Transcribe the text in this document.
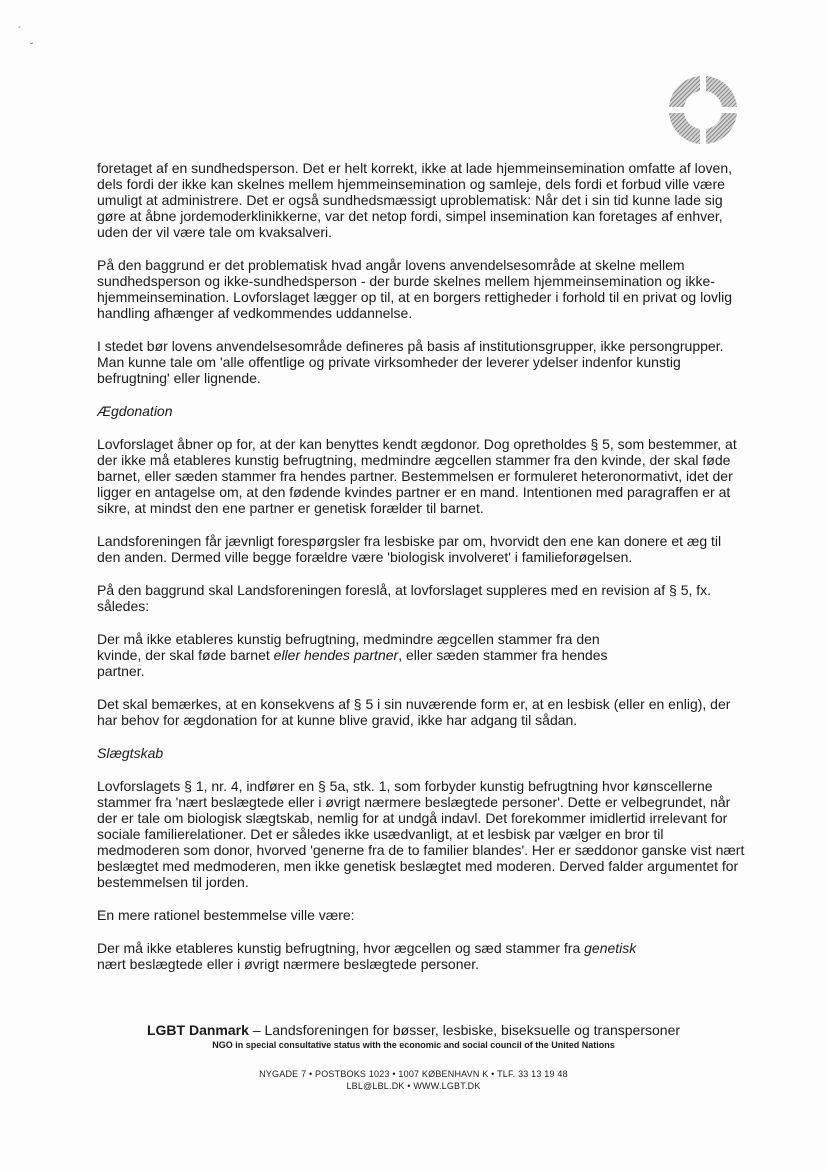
´
˘

foretaget af en sundhedsperson. Det er helt korrekt, ikke at lade hjemmeinsemination omfatte af loven, dels fordi der ikke kan skelnes mellem hjemmeinsemination og samleje, dels fordi et forbud ville være umuligt at administrere. Det er også sundhedsmæssigt uproblematisk: Når det i sin tid kunne lade sig gøre at åbne jordemoderklinikkerne, var det netop fordi, simpel insemination kan foretages af enhver, uden der vil være tale om kvaksalveri.

På den baggrund er det problematisk hvad angår lovens anvendelsesområde at skelne mellem sundhedsperson og ikke-sundhedsperson - der burde skelnes mellem hjemmeinsemination og ikke-hjemmeinsemination. Lovforslaget lægger op til, at en borgers rettigheder i forhold til en privat og lovlig handling afhænger af vedkommendes uddannelse.

I stedet bør lovens anvendelsesområde defineres på basis af institutionsgrupper, ikke persongrupper. Man kunne tale om 'alle offentlige og private virksomheder der leverer ydelser indenfor kunstig befrugtning' eller lignende.

Ægdonation

Lovforslaget åbner op for, at der kan benyttes kendt ægdonor. Dog opretholdes § 5, som bestemmer, at der ikke må etableres kunstig befrugtning, medmindre ægcellen stammer fra den kvinde, der skal føde barnet, eller sæden stammer fra hendes partner. Bestemmelsen er formuleret heteronormativt, idet der ligger en antagelse om, at den fødende kvindes partner er en mand. Intentionen med paragraffen er at sikre, at mindst den ene partner er genetisk forælder til barnet.

Landsforeningen får jævnligt forespørgsler fra lesbiske par om, hvorvidt den ene kan donere et æg til den anden. Dermed ville begge forældre være 'biologisk involveret' i familieforøgelsen.

På den baggrund skal Landsforeningen foreslå, at lovforslaget suppleres med en revision af § 5, fx. således:

Der må ikke etableres kunstig befrugtning, medmindre ægcellen stammer fra den kvinde, der skal føde barnet eller hendes partner, eller sæden stammer fra hendes partner.

Det skal bemærkes, at en konsekvens af § 5 i sin nuværende form er, at en lesbisk (eller en enlig), der har behov for ægdonation for at kunne blive gravid, ikke har adgang til sådan.

Slægtskab

Lovforslagets § 1, nr. 4, indfører en § 5a, stk. 1, som forbyder kunstig befrugtning hvor kønscellerne stammer fra 'nært beslægtede eller i øvrigt nærmere beslægtede personer'. Dette er velbegrundet, når der er tale om biologisk slægtskab, nemlig for at undgå indavl. Det forekommer imidlertid irrelevant for sociale familierelationer. Det er således ikke usædvanligt, at et lesbisk par vælger en bror til medmoderen som donor, hvorved 'generne fra de to familier blandes'. Her er sæddonor ganske vist nært beslægtet med medmoderen, men ikke genetisk beslægtet med moderen. Derved falder argumentet for bestemmelsen til jorden.

En mere rationel bestemmelse ville være:

Der må ikke etableres kunstig befrugtning, hvor ægcellen og sæd stammer fra genetisk nært beslægtede eller i øvrigt nærmere beslægtede personer.

LGBT Danmark – Landsforeningen for bøsser, lesbiske, biseksuelle og transpersoner
NGO in special consultative status with the economic and social council of the United Nations
NYGADE 7 • POSTBOKS 1023 • 1007 KØBENHAVN K • TLF. 33 13 19 48
LBL@LBL.DK • WWW.LGBT.DK
